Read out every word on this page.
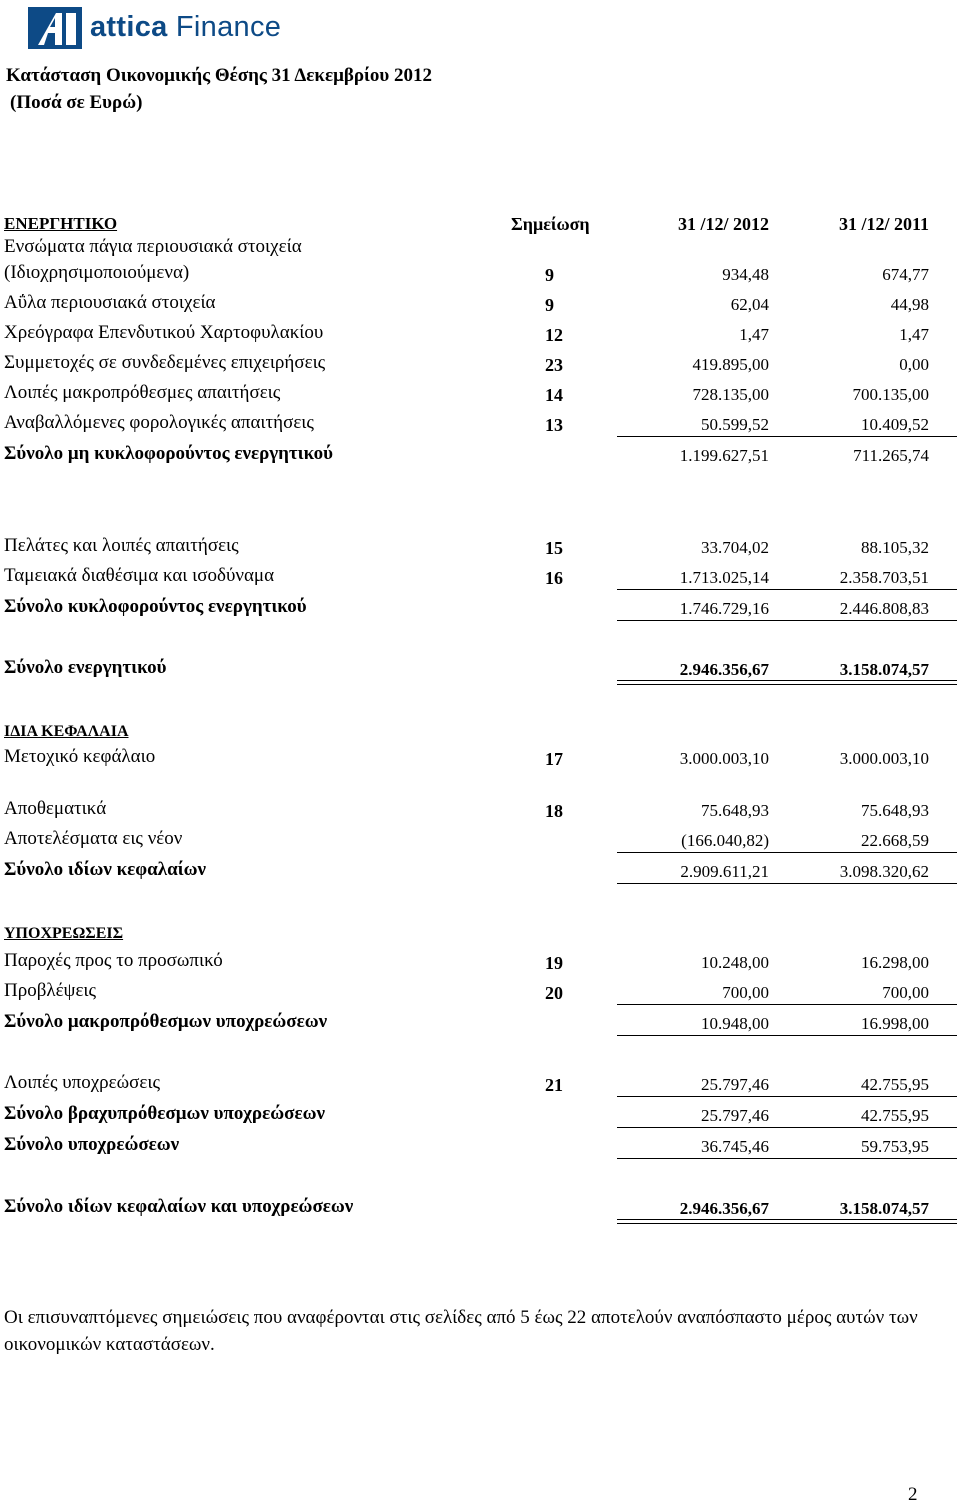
attica Finance
Κατάσταση Οικονομικής Θέσης 31 Δεκεμβρίου 2012
(Ποσά σε Ευρώ)
ΕΝΕΡΓΗΤΙΚΟ	Σημείωση	31 /12/ 2012	31 /12/ 2011
Ενσώματα πάγια περιουσιακά στοιχεία
(Ιδιοχρησιμοποιούμενα)	9	934,48	674,77
Αΰλα περιουσιακά στοιχεία	9	62,04	44,98
Χρεόγραφα Επενδυτικού Χαρτοφυλακίου	12	1,47	1,47
Συμμετοχές σε συνδεδεμένες επιχειρήσεις	23	419.895,00	0,00
Λοιπές μακροπρόθεσμες απαιτήσεις	14	728.135,00	700.135,00
Αναβαλλόμενες φορολογικές απαιτήσεις	13	50.599,52	10.409,52
Σύνολο μη κυκλοφορούντος ενεργητικού	1.199.627,51	711.265,74
Πελάτες και λοιπές απαιτήσεις	15	33.704,02	88.105,32
Ταμειακά διαθέσιμα και ισοδύναμα	16	1.713.025,14	2.358.703,51
Σύνολο κυκλοφορούντος ενεργητικού	1.746.729,16	2.446.808,83
Σύνολο ενεργητικού	2.946.356,67	3.158.074,57
ΙΔΙΑ ΚΕΦΑΛΑΙΑ
Μετοχικό κεφάλαιο	17	3.000.003,10	3.000.003,10
Αποθεματικά	18	75.648,93	75.648,93
Αποτελέσματα εις νέον	(166.040,82)	22.668,59
Σύνολο ιδίων κεφαλαίων	2.909.611,21	3.098.320,62
ΥΠΟΧΡΕΩΣΕΙΣ
Παροχές προς το προσωπικό	19	10.248,00	16.298,00
Προβλέψεις	20	700,00	700,00
Σύνολο μακροπρόθεσμων υποχρεώσεων	10.948,00	16.998,00
Λοιπές υποχρεώσεις	21	25.797,46	42.755,95
Σύνολο βραχυπρόθεσμων υποχρεώσεων	25.797,46	42.755,95
Σύνολο υποχρεώσεων	36.745,46	59.753,95
Σύνολο ιδίων κεφαλαίων και υποχρεώσεων	2.946.356,67	3.158.074,57
Οι επισυναπτόμενες σημειώσεις που αναφέρονται στις σελίδες από 5 έως 22 αποτελούν αναπόσπαστο μέρος αυτών των οικονομικών καταστάσεων.
2
